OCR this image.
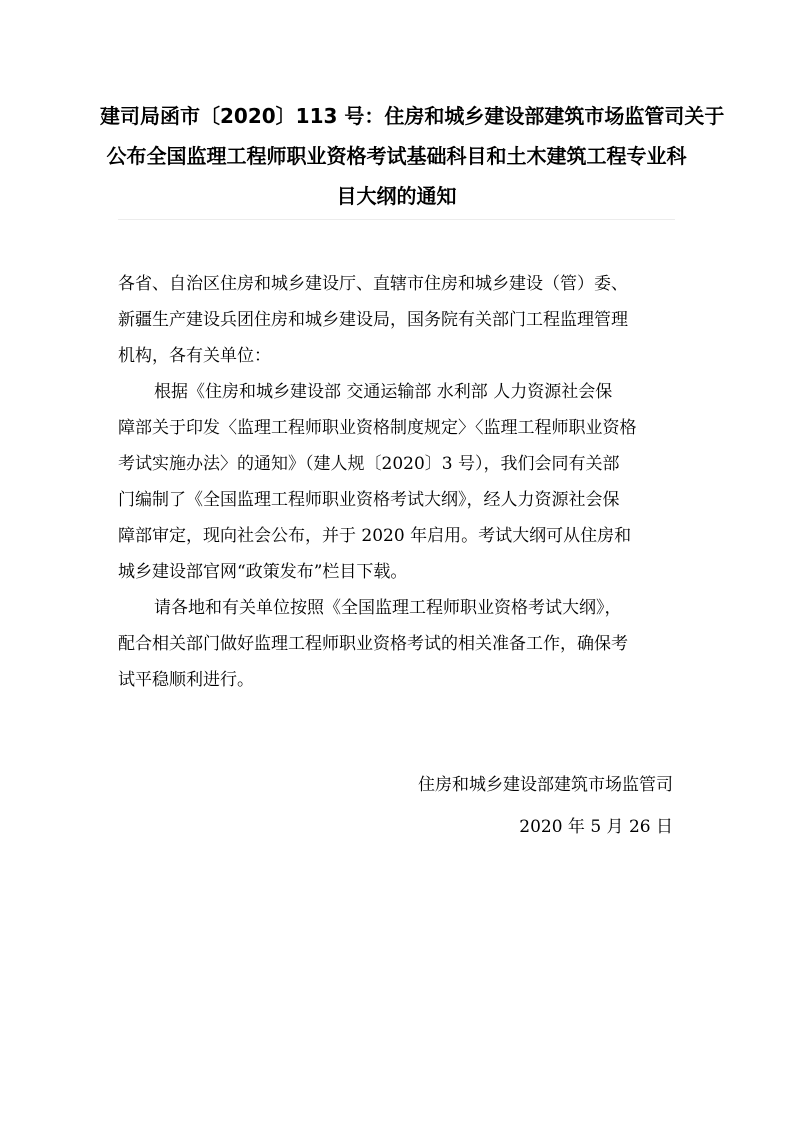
建司局函市〔2020〕113 号：住房和城乡建设部建筑市场监管司关于
公布全国监理工程师职业资格考试基础科目和土木建筑工程专业科
目大纲的通知
各省、自治区住房和城乡建设厅、直辖市住房和城乡建设（管）委、
新疆生产建设兵团住房和城乡建设局，国务院有关部门工程监理管理
机构，各有关单位：
根据《住房和城乡建设部 交通运输部 水利部 人力资源社会保
障部关于印发〈监理工程师职业资格制度规定〉〈监理工程师职业资格
考试实施办法〉的通知》（建人规〔2020〕3 号），我们会同有关部
门编制了《全国监理工程师职业资格考试大纲》，经人力资源社会保
障部审定，现向社会公布，并于 2020 年启用。考试大纲可从住房和
城乡建设部官网“政策发布”栏目下载。
请各地和有关单位按照《全国监理工程师职业资格考试大纲》，
配合相关部门做好监理工程师职业资格考试的相关准备工作，确保考
试平稳顺利进行。
住房和城乡建设部建筑市场监管司
2020 年 5 月 26 日
